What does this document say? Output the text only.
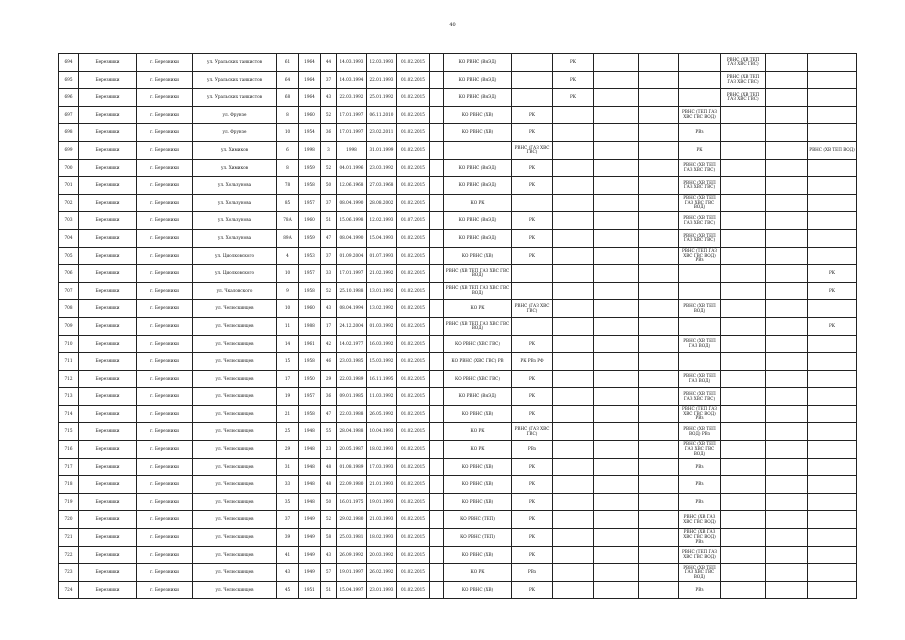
40
694	Березники	г. Березники	ул. Уральских танкистов	61	1964	44	14.03.1993	12.03.1993	01.02.2015		КО РВНС (ВнЭД)		РК				РВНС (ХВ ТЕП ГАЗ ХВС ГВС)		
695	Березники	г. Березники	ул. Уральских танкистов	64	1964	37	14.03.1994	22.01.1993	01.02.2015		КО РВНС (ВнЭД)		РК				РВНС (ХВ ТЕП ГАЗ ХВС ГВС)		
696	Березники	г. Березники	ул. Уральских танкистов	68	1964	43	22.03.1992	25.01.1992	01.02.2015		КО РВНС (ВнЭД)		РК				РВНС (ХВ ТЕП ГАЗ ХВС ГВС)		
697	Березники	г. Березники	ул. Фрунзе	8	1960	52	17.01.1997	06.11.2010	01.02.2015		КО РВНС (ХВ)	РК				РВНС (ТЕП ГАЗ ХВС ГВС ВОД)			
698	Березники	г. Березники	ул. Фрунзе	10	1954	36	17.01.1997	23.02.2011	01.02.2015		КО РВНС (ХВ)	РК				РВз			
699	Березники	г. Березники	ул. Химиков	6	1998	3	1998	31.01.1999	01.02.2015			РВНС (ГАЗ ХВС ГВС)				РК			РВНС (ХВ ТЕП ВОД)
700	Березники	г. Березники	ул. Химиков	8	1959	52	04.01.1996	23.03.1992	01.02.2015		КО РВНС (ВнЭД)	РК				РВНС (ХВ ТЕП ГАЗ ХВС ГВС)			
701	Березники	г. Березники	ул. Хользунова	78	1958	50	12.06.1968	27.03.1968	01.02.2015		КО РВНС (ВнЭД)	РК				РВНС (ХВ ТЕП ГАЗ ХВС ГВС)			
702	Березники	г. Березники	ул. Хользунова	85	1957	37	08.04.1990	28.08.2002	01.02.2015		КО РК					РВНС (ХВ ТЕП ГАЗ ХВС ГВС ВОД)			
703	Березники	г. Березники	ул. Хользунова	78А	1960	51	15.06.1998	12.02.1993	01.07.2015		КО РВНС (ВнЭД)	РК				РВНС (ХВ ТЕП ГАЗ ХВС ГВС)			
704	Березники	г. Березники	ул. Хользунова	89А	1959	47	08.04.1990	15.04.1993	01.02.2015		КО РВНС (ВнЭД)	РК				РВНС (ХВ ТЕП ГАЗ ХВС ГВС)			
705	Березники	г. Березники	ул. Циолковского	4	1953	37	01.09.2004	01.07.1993	01.02.2015		КО РВНС (ХВ)	РК				РВНС (ТЕП ГАЗ ХВС ГВС ВОД) РВз			
706	Березники	г. Березники	ул. Циолковского	10	1957	33	17.01.1997	21.02.1992	01.02.2015		РВНС (ХВ ТЕП ГАЗ ХВС ГВС ВОД)								РК
707	Березники	г. Березники	ул. Чкаловского	9	1958	52	25.10.1988	13.01.1992	01.02.2015		РВНС (ХВ ТЕП ГАЗ ХВС ГВС ВОД)								РК
708	Березники	г. Березники	ул. Челюскинцев	10	1960	43	08.04.1994	13.02.1992	01.02.2015		КО РК	РВНС (ГАЗ ХВС ГВС)				РВНС (ХВ ТЕП ВОД)			
709	Березники	г. Березники	ул. Челюскинцев	11	1988	17	24.12.2004	01.03.1992	01.02.2015		РВНС (ХВ ТЕП ГАЗ ХВС ГВС ВОД)								РК
710	Березники	г. Березники	ул. Челюскинцев	14	1961	42	14.02.1977	16.03.1992	01.02.2015		КО РВНС (ХВС ГВС)	РК				РВНС (ХВ ТЕП ГАЗ ВОД)			
711	Березники	г. Березники	ул. Челюскинцев	15	1958	46	23.03.1985	15.03.1992	01.02.2015		КО РВНС (ХВС ГВС) РВ	РК РВз РФ							
712	Березники	г. Березники	ул. Челюскинцев	17	1950	29	22.03.1989	16.11.1995	01.02.2015		КО РВНС (ХВС ГВС)	РК				РВНС (ХВ ТЕП ГАЗ ВОД)			
713	Березники	г. Березники	ул. Челюскинцев	19	1957	36	09.01.1985	11.03.1992	01.02.2015		КО РВНС (ВнЭД)	РК				РВНС (ХВ ТЕП ГАЗ ХВС ГВС)			
714	Березники	г. Березники	ул. Челюскинцев	21	1958	47	22.03.1988	26.05.1992	01.02.2015		КО РВНС (ХВ)	РК				РВНС (ТЕП ГАЗ ХВС ГВС ВОД) РВз			
715	Березники	г. Березники	ул. Челюскинцев	25	1948	55	28.04.1988	10.04.1993	01.02.2015		КО РК	РВНС (ГАЗ ХВС ГВС)				РВНС (ХВ ТЕП ВОД) РВз			
716	Березники	г. Березники	ул. Челюскинцев	29	1948	23	20.05.1987	18.02.1993	01.02.2015		КО РК	РВз				РВНС (ХВ ТЕП ГАЗ ХВС ГВС ВОД)			
717	Березники	г. Березники	ул. Челюскинцев	31	1948	48	01.08.1989	17.03.1993	01.02.2015		КО РВНС (ХВ)	РК				РВз			
718	Березники	г. Березники	ул. Челюскинцев	33	1948	48	22.09.1980	21.01.1993	01.02.2015		КО РВНС (ХВ)	РК				РВз			
719	Березники	г. Березники	ул. Челюскинцев	35	1948	50	16.01.1975	19.01.1993	01.02.2015		КО РВНС (ХВ)	РК				РВз			
720	Березники	г. Березники	ул. Челюскинцев	37	1949	52	29.02.1980	21.03.1993	01.02.2015		КО РВНС (ТЕП)	РК				РВНС (ХВ ГАЗ ХВС ГВС ВОД)			
721	Березники	г. Березники	ул. Челюскинцев	39	1949	58	25.03.1981	18.02.1993	01.02.2015		КО РВНС (ТЕП)	РК				РВНС (ХВ ГАЗ ХВС ГВС ВОД) РВз			
722	Березники	г. Березники	ул. Челюскинцев	41	1949	43	26.09.1992	20.03.1992	01.02.2015		КО РВНС (ХВ)	РК				РВНС (ТЕП ГАЗ ХВС ГВС ВОД)			
723	Березники	г. Березники	ул. Челюскинцев	43	1949	57	19.01.1997	26.02.1992	01.02.2015		КО РК	РВз				РВНС (ХВ ТЕП ГАЗ ХВС ГВС ВОД)			
724	Березники	г. Березники	ул. Челюскинцев	45	1951	51	15.04.1997	23.01.1993	01.02.2015		КО РВНС (ХВ)	РК				РВз			
